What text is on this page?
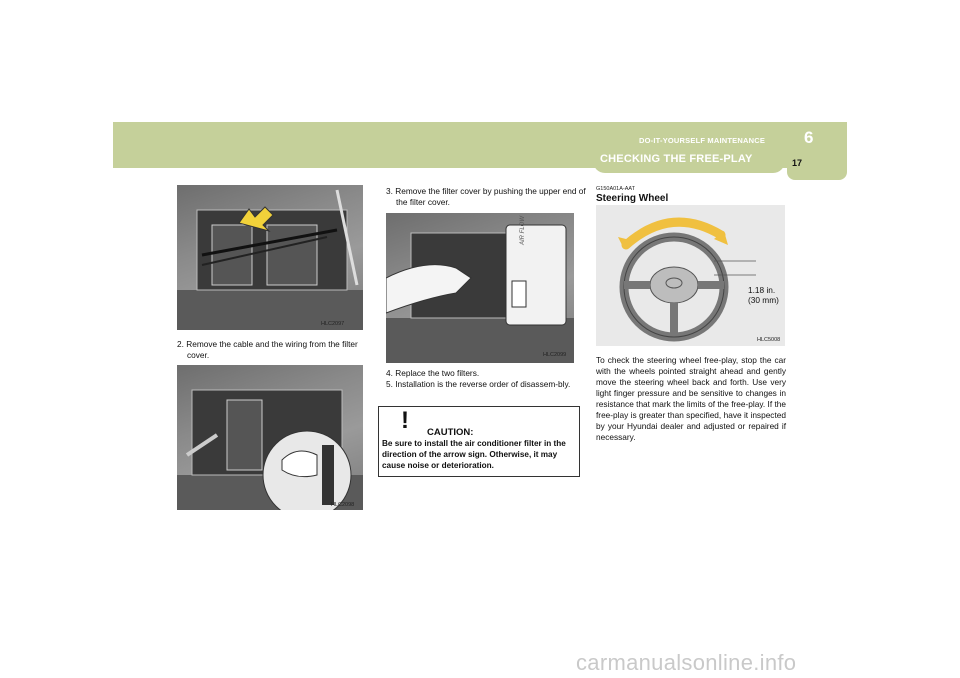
DO-IT-YOURSELF MAINTENANCE 6
17
CHECKING THE FREE-PLAY
HLC2097
2. Remove the cable and the wiring from the filter cover.
HLC2098
3. Remove the filter cover by pushing the upper end of the filter cover.
AIR FLOW
HLC2099
4. Replace the two filters.
5. Installation is the reverse order of disassem-bly.
! CAUTION:
Be sure to install the air conditioner filter in the direction of the arrow sign. Otherwise, it may cause noise or deterioration.
G150A01A-AAT
Steering Wheel
HLC5008
1.18 in.
(30 mm)
To check the steering wheel free-play, stop the car with the wheels pointed straight ahead and gently move the steering wheel back and forth. Use very light finger pressure and be sensitive to changes in resistance that mark the limits of the free-play. If the free-play is greater than specified, have it inspected by your Hyundai dealer and adjusted or repaired if necessary.
carmanualsonline.info
